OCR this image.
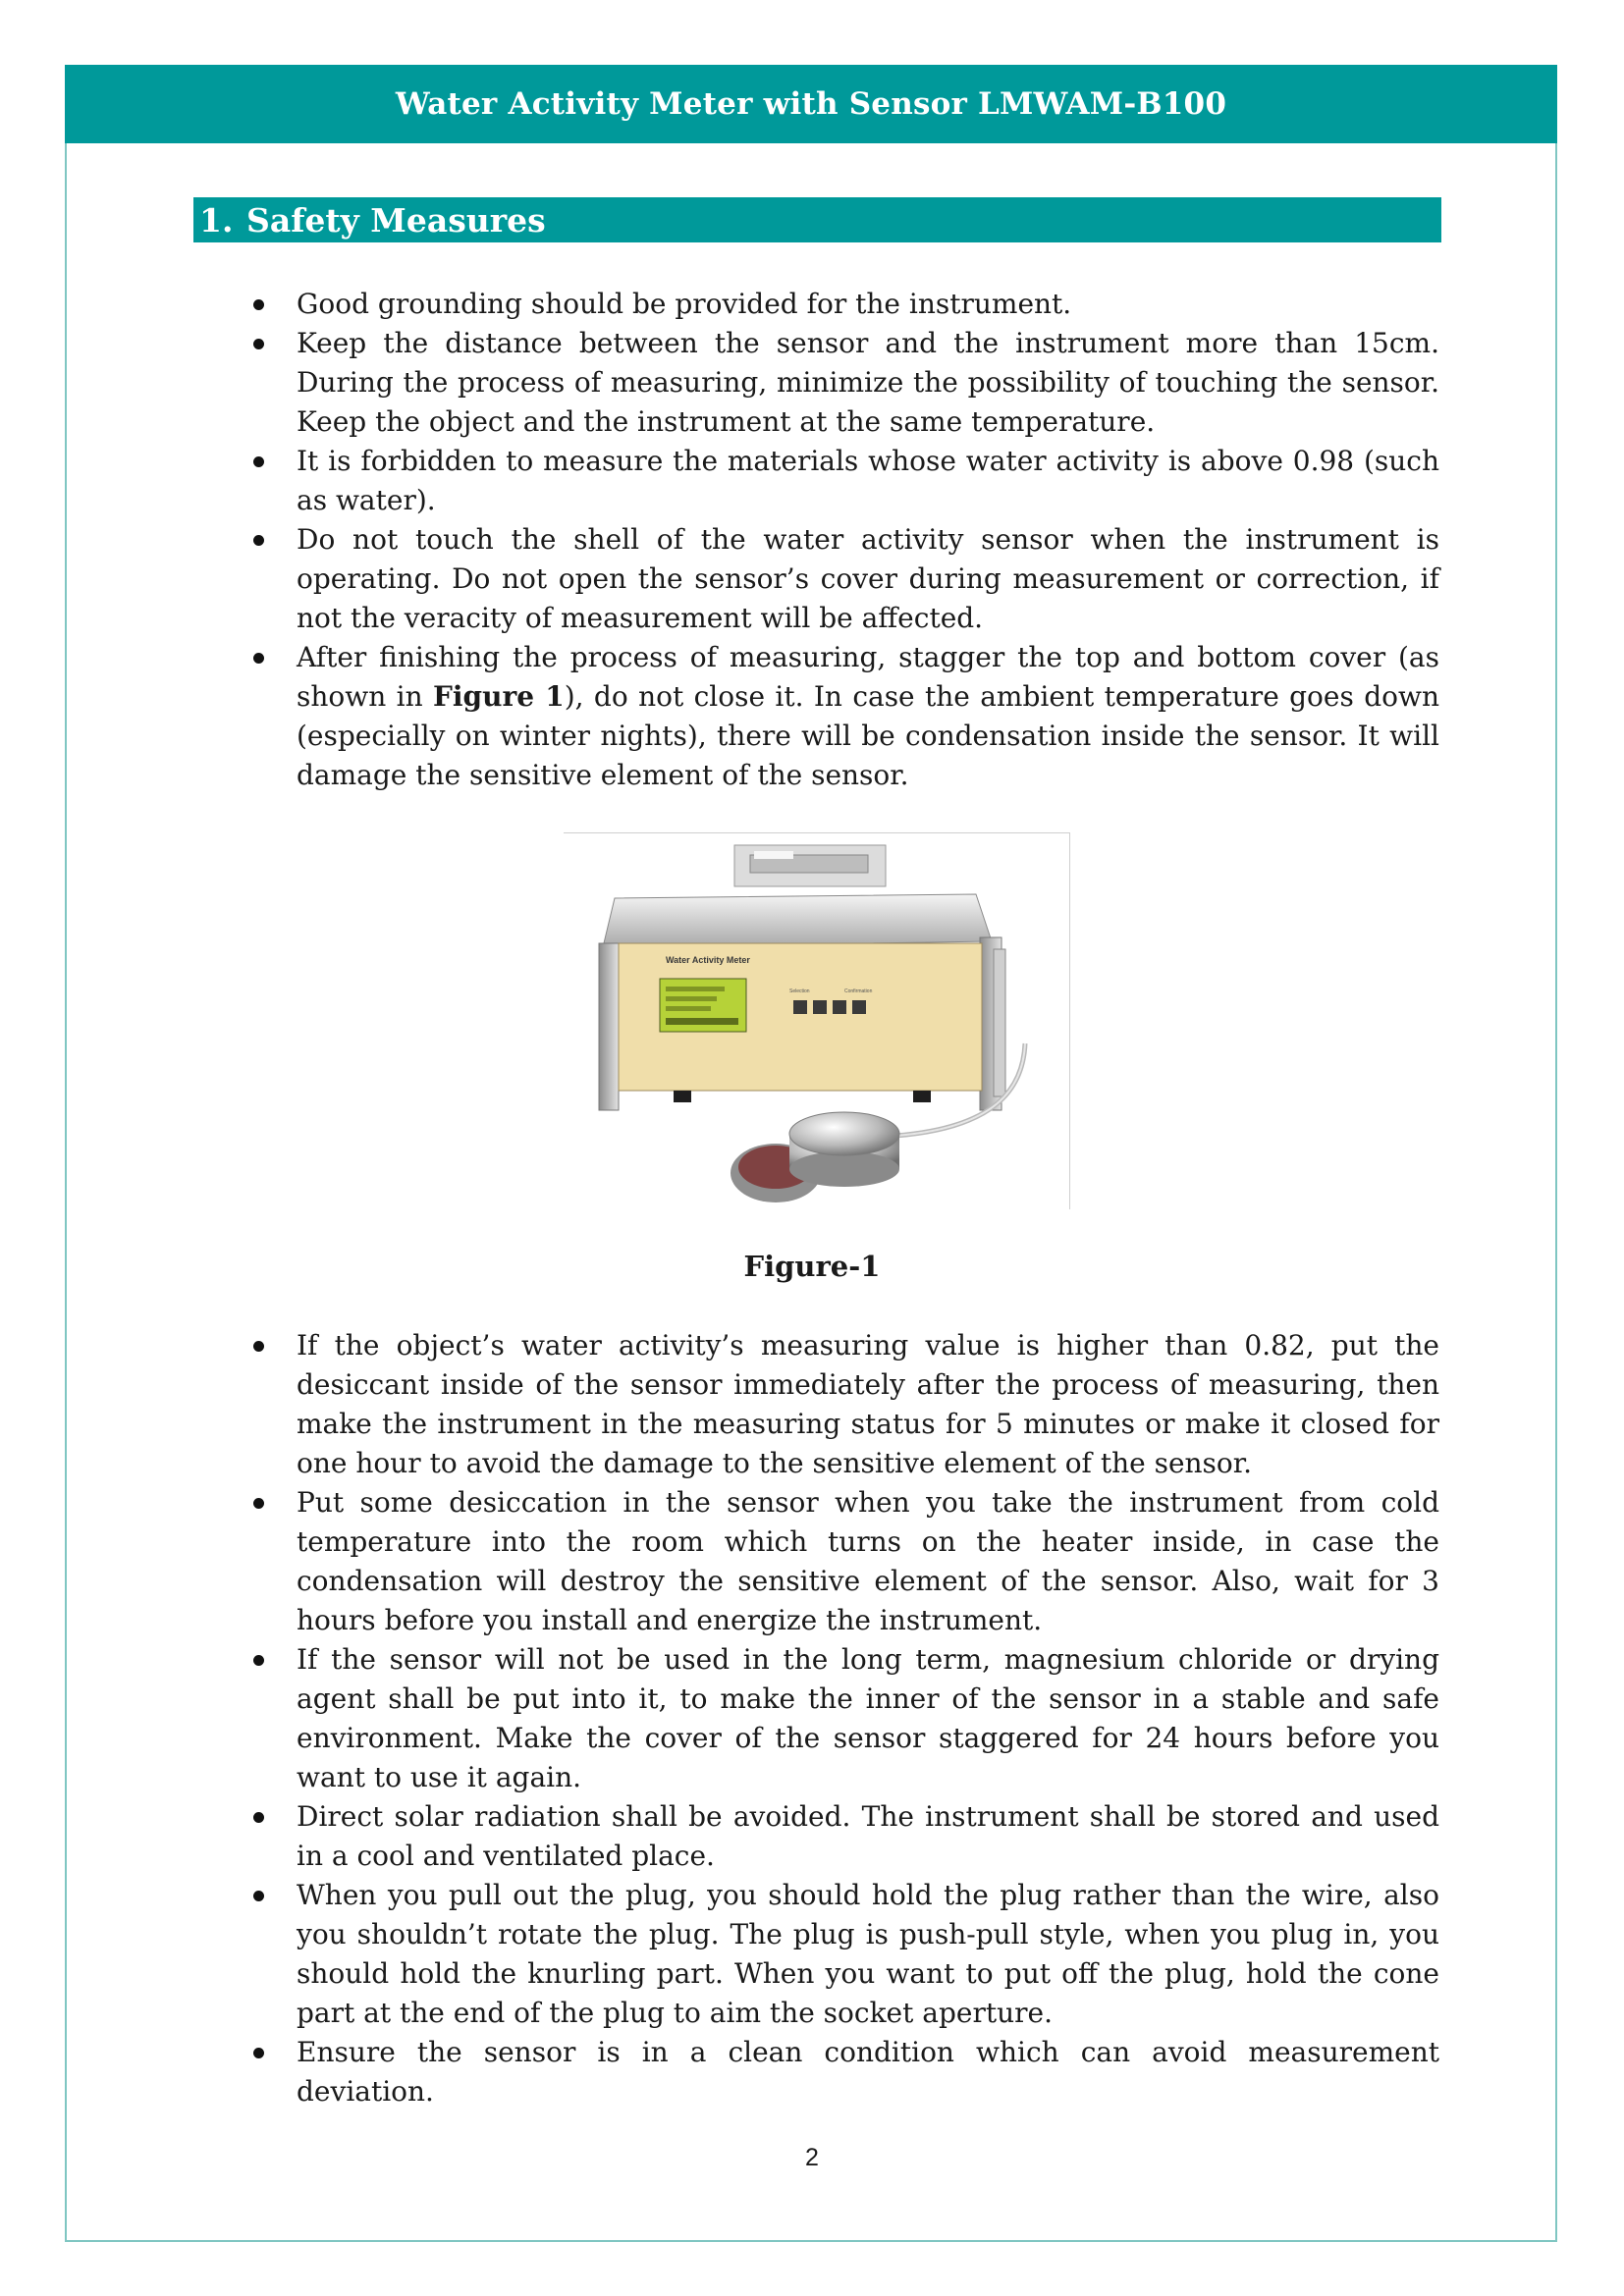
Water Activity Meter with Sensor LMWAM-B100
1. Safety Measures
Good grounding should be provided for the instrument.
Keep the distance between the sensor and the instrument more than 15cm. During the process of measuring, minimize the possibility of touching the sensor. Keep the object and the instrument at the same temperature.
It is forbidden to measure the materials whose water activity is above 0.98 (such as water).
Do not touch the shell of the water activity sensor when the instrument is operating. Do not open the sensor’s cover during measurement or correction, if not the veracity of measurement will be affected.
After finishing the process of measuring, stagger the top and bottom cover (as shown in Figure 1), do not close it. In case the ambient temperature goes down (especially on winter nights), there will be condensation inside the sensor. It will damage the sensitive element of the sensor.
Water Activity Meter
Selection	Confirmation
Figure-1
If the object’s water activity’s measuring value is higher than 0.82, put the desiccant inside of the sensor immediately after the process of measuring, then make the instrument in the measuring status for 5 minutes or make it closed for one hour to avoid the damage to the sensitive element of the sensor.
Put some desiccation in the sensor when you take the instrument from cold temperature into the room which turns on the heater inside, in case the condensation will destroy the sensitive element of the sensor. Also, wait for 3 hours before you install and energize the instrument.
If the sensor will not be used in the long term, magnesium chloride or drying agent shall be put into it, to make the inner of the sensor in a stable and safe environment. Make the cover of the sensor staggered for 24 hours before you want to use it again.
Direct solar radiation shall be avoided. The instrument shall be stored and used in a cool and ventilated place.
When you pull out the plug, you should hold the plug rather than the wire, also you shouldn’t rotate the plug. The plug is push-pull style, when you plug in, you should hold the knurling part. When you want to put off the plug, hold the cone part at the end of the plug to aim the socket aperture.
Ensure the sensor is in a clean condition which can avoid measurement deviation.
2
